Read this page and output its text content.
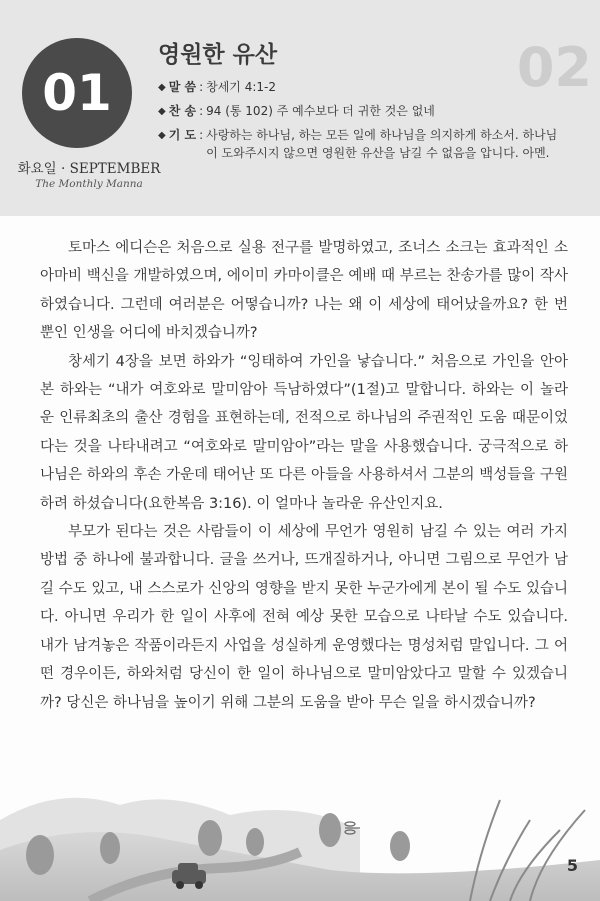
02
01
화요일 · SEPTEMBER
The Monthly Manna
영원한 유산
◆ 말 씀 : 창세기 4:1-2
◆ 찬 송 : 94 (통 102) 주 예수보다 더 귀한 것은 없네
◆ 기 도 : 사랑하는 하나님, 하는 모든 일에 하나님을 의지하게 하소서. 하나님이 도와주시지 않으면 영원한 유산을 남길 수 없음을 압니다. 아멘.

토마스 에디슨은 처음으로 실용 전구를 발명하였고, 조너스 소크는 효과적인 소아마비 백신을 개발하였으며, 에이미 카마이클은 예배 때 부르는 찬송가를 많이 작사하였습니다. 그런데 여러분은 어떻습니까? 나는 왜 이 세상에 태어났을까요? 한 번뿐인 인생을 어디에 바치겠습니까?

창세기 4장을 보면 하와가 “잉태하여 가인을 낳습니다.” 처음으로 가인을 안아본 하와는 “내가 여호와로 말미암아 득남하였다”(1절)고 말합니다. 하와는 이 놀라운 인류최초의 출산 경험을 표현하는데, 전적으로 하나님의 주권적인 도움 때문이었다는 것을 나타내려고 “여호와로 말미암아”라는 말을 사용했습니다. 궁극적으로 하나님은 하와의 후손 가운데 태어난 또 다른 아들을 사용하셔서 그분의 백성들을 구원하려 하셨습니다(요한복음 3:16). 이 얼마나 놀라운 유산인지요.

부모가 된다는 것은 사람들이 이 세상에 무언가 영원히 남길 수 있는 여러 가지 방법 중 하나에 불과합니다. 글을 쓰거나, 뜨개질하거나, 아니면 그림으로 무언가 남길 수도 있고, 내 스스로가 신앙의 영향을 받지 못한 누군가에게 본이 될 수도 있습니다. 아니면 우리가 한 일이 사후에 전혀 예상 못한 모습으로 나타날 수도 있습니다. 내가 남겨놓은 작품이라든지 사업을 성실하게 운영했다는 명성처럼 말입니다. 그 어떤 경우이든, 하와처럼 당신이 한 일이 하나님으로 말미암았다고 말할 수 있겠습니까? 당신은 하나님을 높이기 위해 그분의 도움을 받아 무슨 일을 하시겠습니까?

5
